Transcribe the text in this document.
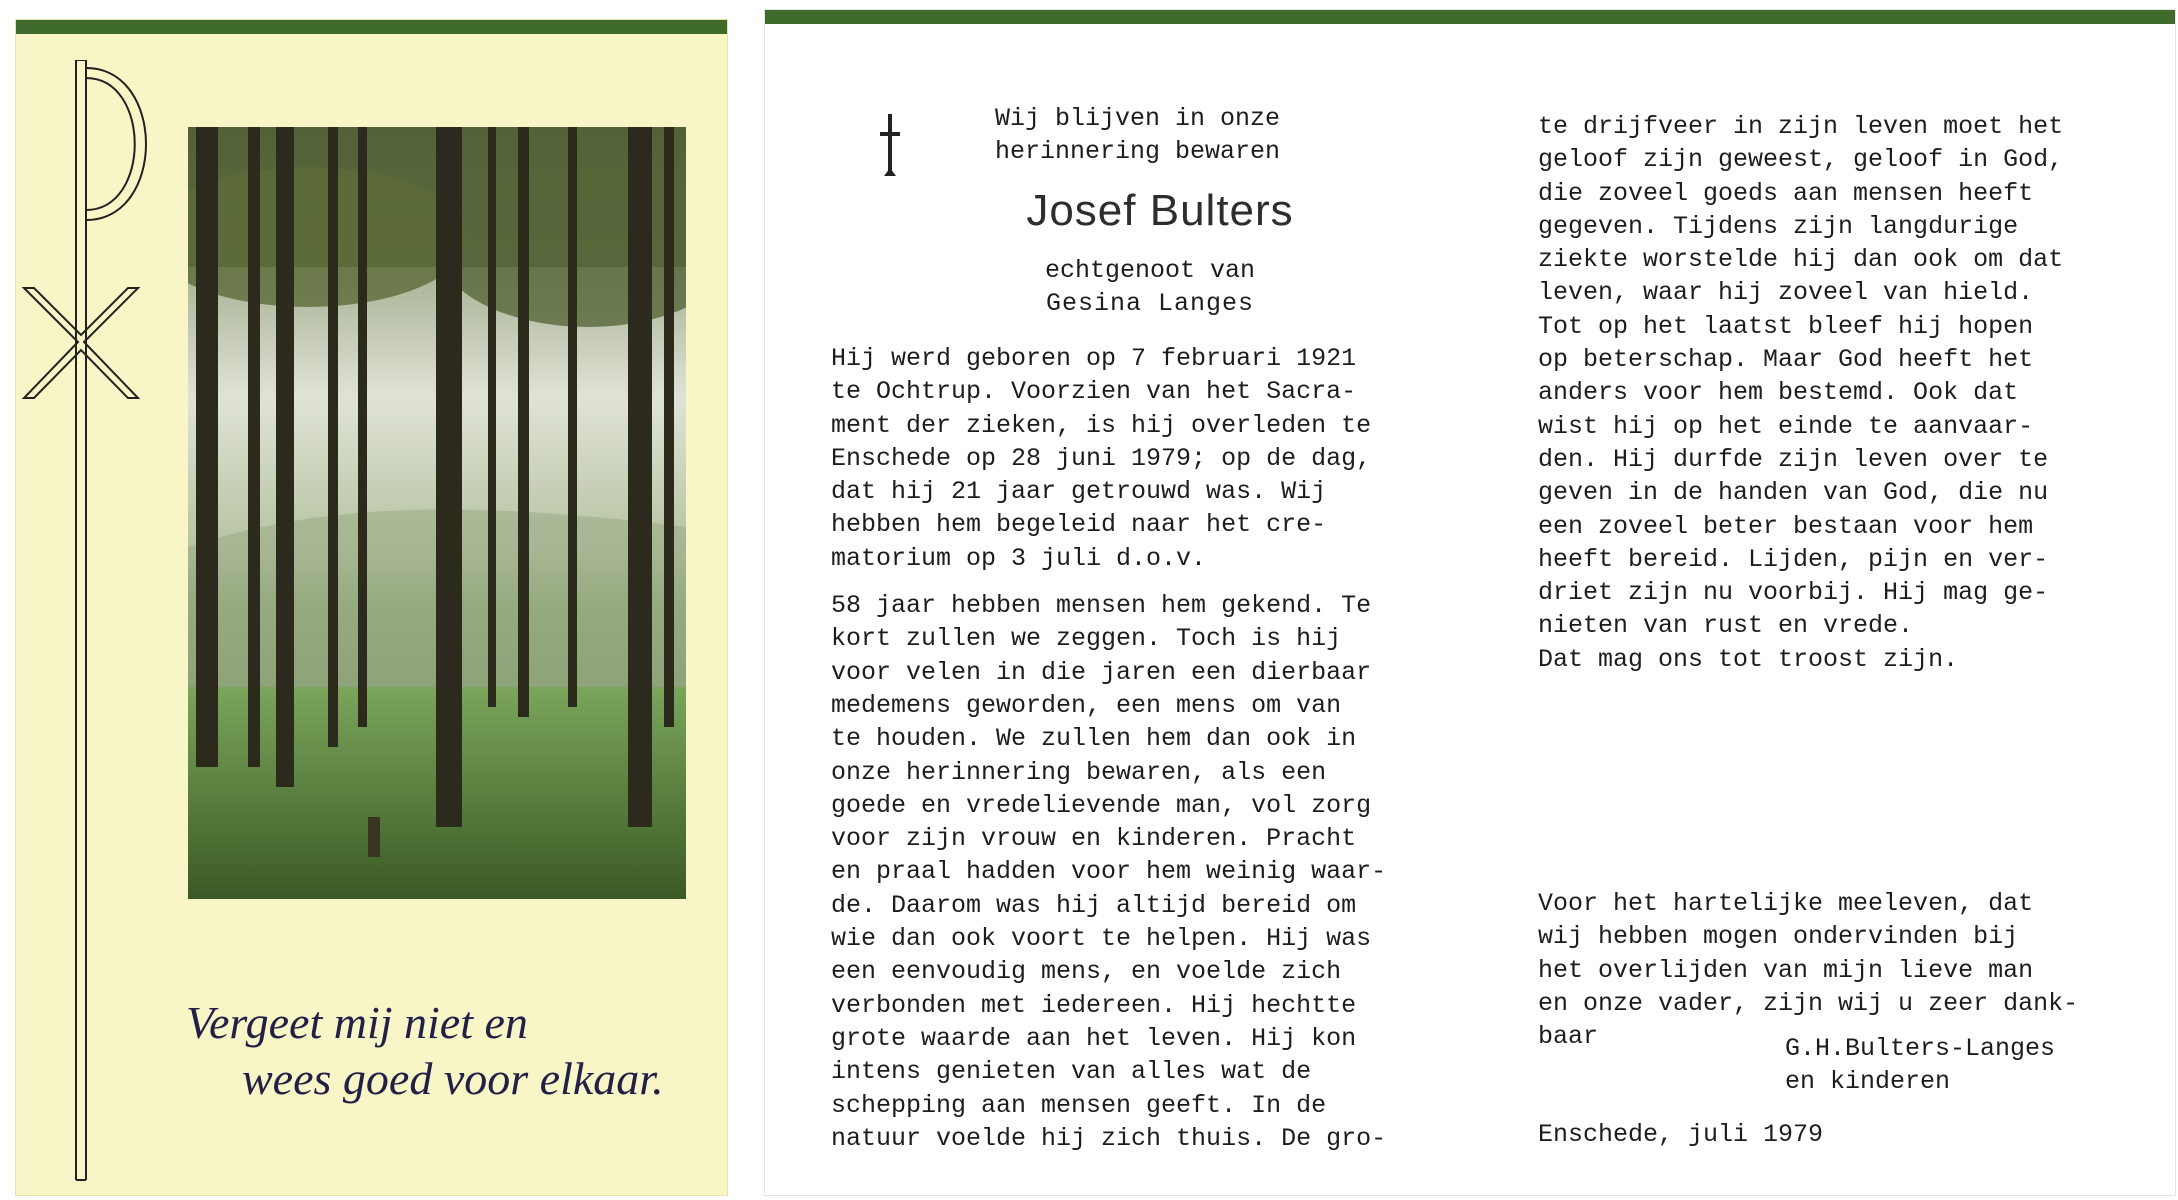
Vergeet mij niet en
wees goed voor elkaar.
Wij blijven in onze
herinnering bewaren
Josef Bulters
echtgenoot van
Gesina Langes

Hij werd geboren op 7 februari 1921
te Ochtrup. Voorzien van het Sacra-
ment der zieken, is hij overleden te
Enschede op 28 juni 1979; op de dag,
dat hij 21 jaar getrouwd was. Wij
hebben hem begeleid naar het cre-
matorium op 3 juli d.o.v.

58 jaar hebben mensen hem gekend. Te
kort zullen we zeggen. Toch is hij
voor velen in die jaren een dierbaar
medemens geworden, een mens om van
te houden. We zullen hem dan ook in
onze herinnering bewaren, als een
goede en vredelievende man, vol zorg
voor zijn vrouw en kinderen. Pracht
en praal hadden voor hem weinig waar-
de. Daarom was hij altijd bereid om
wie dan ook voort te helpen. Hij was
een eenvoudig mens, en voelde zich
verbonden met iedereen. Hij hechtte
grote waarde aan het leven. Hij kon
intens genieten van alles wat de
schepping aan mensen geeft. In de
natuur voelde hij zich thuis. De gro-

te drijfveer in zijn leven moet het
geloof zijn geweest, geloof in God,
die zoveel goeds aan mensen heeft
gegeven. Tijdens zijn langdurige
ziekte worstelde hij dan ook om dat
leven, waar hij zoveel van hield.
Tot op het laatst bleef hij hopen
op beterschap. Maar God heeft het
anders voor hem bestemd. Ook dat
wist hij op het einde te aanvaar-
den. Hij durfde zijn leven over te
geven in de handen van God, die nu
een zoveel beter bestaan voor hem
heeft bereid. Lijden, pijn en ver-
driet zijn nu voorbij. Hij mag ge-
nieten van rust en vrede.
Dat mag ons tot troost zijn.
Voor het hartelijke meeleven, dat
wij hebben mogen ondervinden bij
het overlijden van mijn lieve man
en onze vader, zijn wij u zeer dank-
baar	G.H.Bulters-Langes
en kinderen
Enschede, juli 1979
